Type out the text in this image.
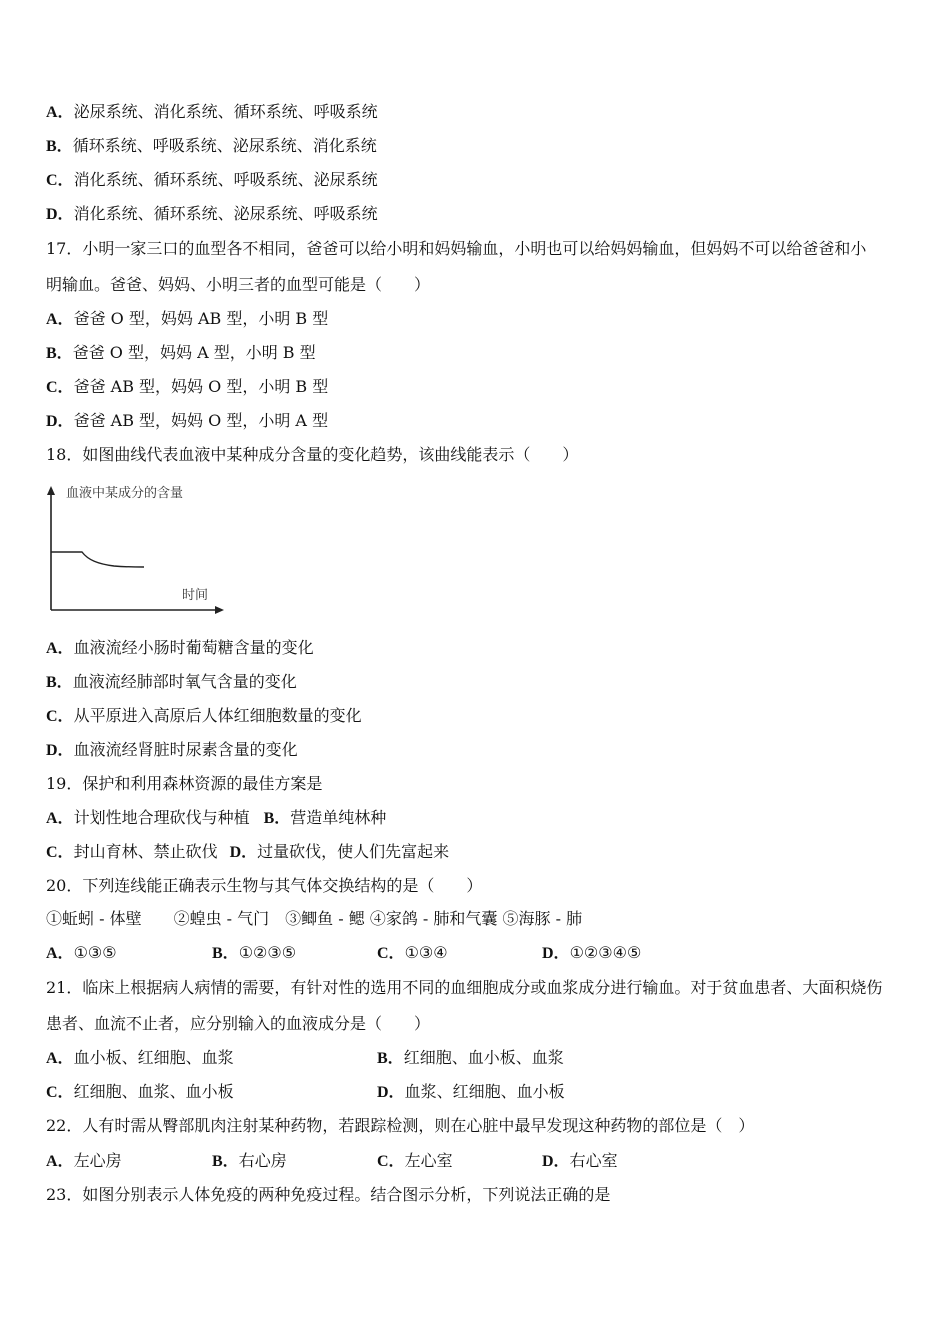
A．泌尿系统、消化系统、循环系统、呼吸系统
B．循环系统、呼吸系统、泌尿系统、消化系统
C．消化系统、循环系统、呼吸系统、泌尿系统
D．消化系统、循环系统、泌尿系统、呼吸系统
17．小明一家三口的血型各不相同，爸爸可以给小明和妈妈输血，小明也可以给妈妈输血，但妈妈不可以给爸爸和小
明输血。爸爸、妈妈、小明三者的血型可能是（　　）
A．爸爸 O 型，妈妈 AB 型，小明 B 型
B．爸爸 O 型，妈妈 A 型，小明 B 型
C．爸爸 AB 型，妈妈 O 型，小明 B 型
D．爸爸 AB 型，妈妈 O 型，小明 A 型
18．如图曲线代表血液中某种成分含量的变化趋势，该曲线能表示（　　）
血液中某成分的含量
时间
A．血液流经小肠时葡萄糖含量的变化
B．血液流经肺部时氧气含量的变化
C．从平原进入高原后人体红细胞数量的变化
D．血液流经肾脏时尿素含量的变化
19．保护和利用森林资源的最佳方案是
A．计划性地合理砍伐与种植 B．营造单纯林种
C．封山育林、禁止砍伐 D．过量砍伐，使人们先富起来
20．下列连线能正确表示生物与其气体交换结构的是（　　）
①蚯蚓 - 体壁　　②蝗虫 - 气门　③鲫鱼 - 鳃 ④家鸽 - 肺和气囊 ⑤海豚 - 肺
A．①③⑤	B．①②③⑤	C．①③④	D．①②③④⑤
21．临床上根据病人病情的需要，有针对性的选用不同的血细胞成分或血浆成分进行输血。对于贫血患者、大面积烧伤
患者、血流不止者，应分别输入的血液成分是（　　）
A．血小板、红细胞、血浆	B．红细胞、血小板、血浆
C．红细胞、血浆、血小板	D．血浆、红细胞、血小板
22．人有时需从臀部肌肉注射某种药物，若跟踪检测，则在心脏中最早发现这种药物的部位是（　）
A．左心房	B．右心房	C．左心室	D．右心室
23．如图分别表示人体免疫的两种免疫过程。结合图示分析，下列说法正确的是
